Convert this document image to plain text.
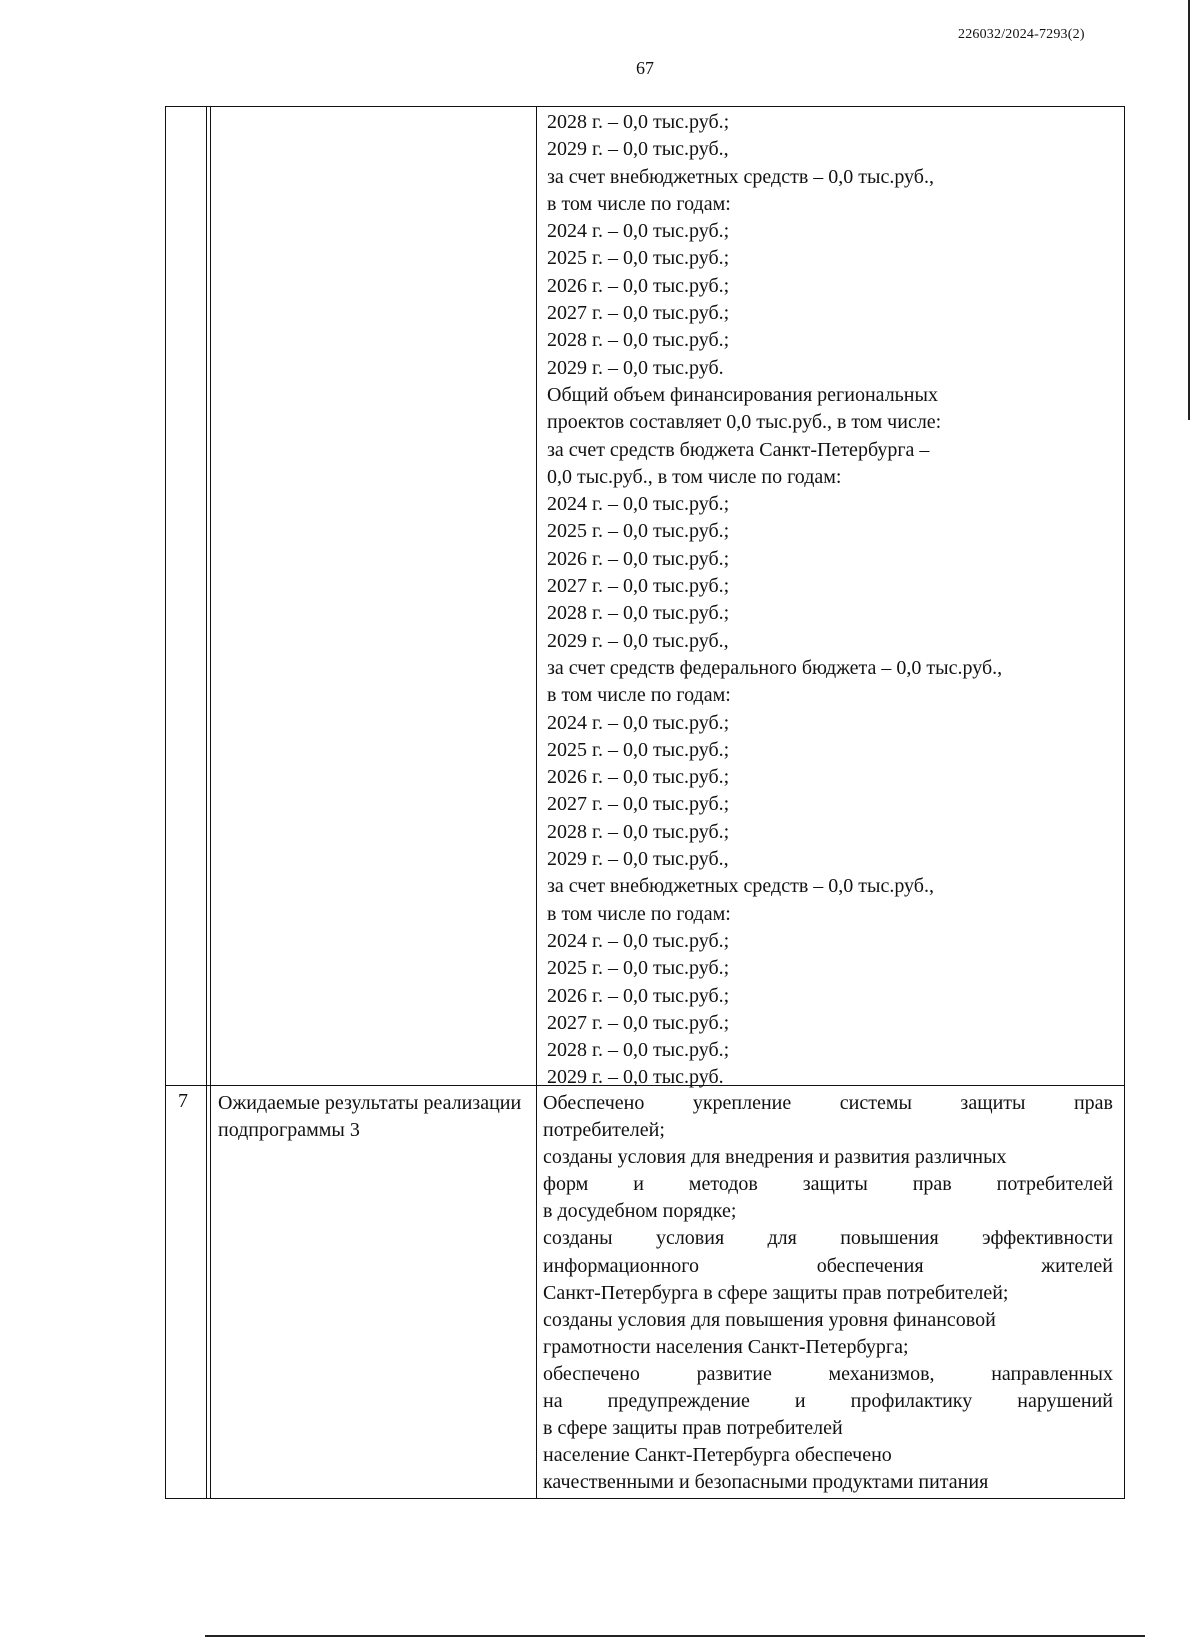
226032/2024-7293(2)
67
2028 г. – 0,0 тыс.руб.;
2029 г. – 0,0 тыс.руб.,
за счет внебюджетных средств – 0,0 тыс.руб.,
в том числе по годам:
2024 г. – 0,0 тыс.руб.;
2025 г. – 0,0 тыс.руб.;
2026 г. – 0,0 тыс.руб.;
2027 г. – 0,0 тыс.руб.;
2028 г. – 0,0 тыс.руб.;
2029 г. – 0,0 тыс.руб.
Общий объем финансирования региональных
проектов составляет 0,0 тыс.руб., в том числе:
за счет средств бюджета Санкт-Петербурга –
0,0 тыс.руб., в том числе по годам:
2024 г. – 0,0 тыс.руб.;
2025 г. – 0,0 тыс.руб.;
2026 г. – 0,0 тыс.руб.;
2027 г. – 0,0 тыс.руб.;
2028 г. – 0,0 тыс.руб.;
2029 г. – 0,0 тыс.руб.,
за счет средств федерального бюджета – 0,0 тыс.руб.,
в том числе по годам:
2024 г. – 0,0 тыс.руб.;
2025 г. – 0,0 тыс.руб.;
2026 г. – 0,0 тыс.руб.;
2027 г. – 0,0 тыс.руб.;
2028 г. – 0,0 тыс.руб.;
2029 г. – 0,0 тыс.руб.,
за счет внебюджетных средств – 0,0 тыс.руб.,
в том числе по годам:
2024 г. – 0,0 тыс.руб.;
2025 г. – 0,0 тыс.руб.;
2026 г. – 0,0 тыс.руб.;
2027 г. – 0,0 тыс.руб.;
2028 г. – 0,0 тыс.руб.;
2029 г. – 0,0 тыс.руб.
7 Ожидаемые результаты реализации подпрограммы 3
Обеспечено укрепление системы защиты прав
потребителей;
созданы условия для внедрения и развития различных
форм и методов защиты прав потребителей
в досудебном порядке;
созданы условия для повышения эффективности
информационного обеспечения жителей
Санкт-Петербурга в сфере защиты прав потребителей;
созданы условия для повышения уровня финансовой
грамотности населения Санкт-Петербурга;
обеспечено развитие механизмов, направленных
на предупреждение и профилактику нарушений
в сфере защиты прав потребителей
население Санкт-Петербурга обеспечено
качественными и безопасными продуктами питания
